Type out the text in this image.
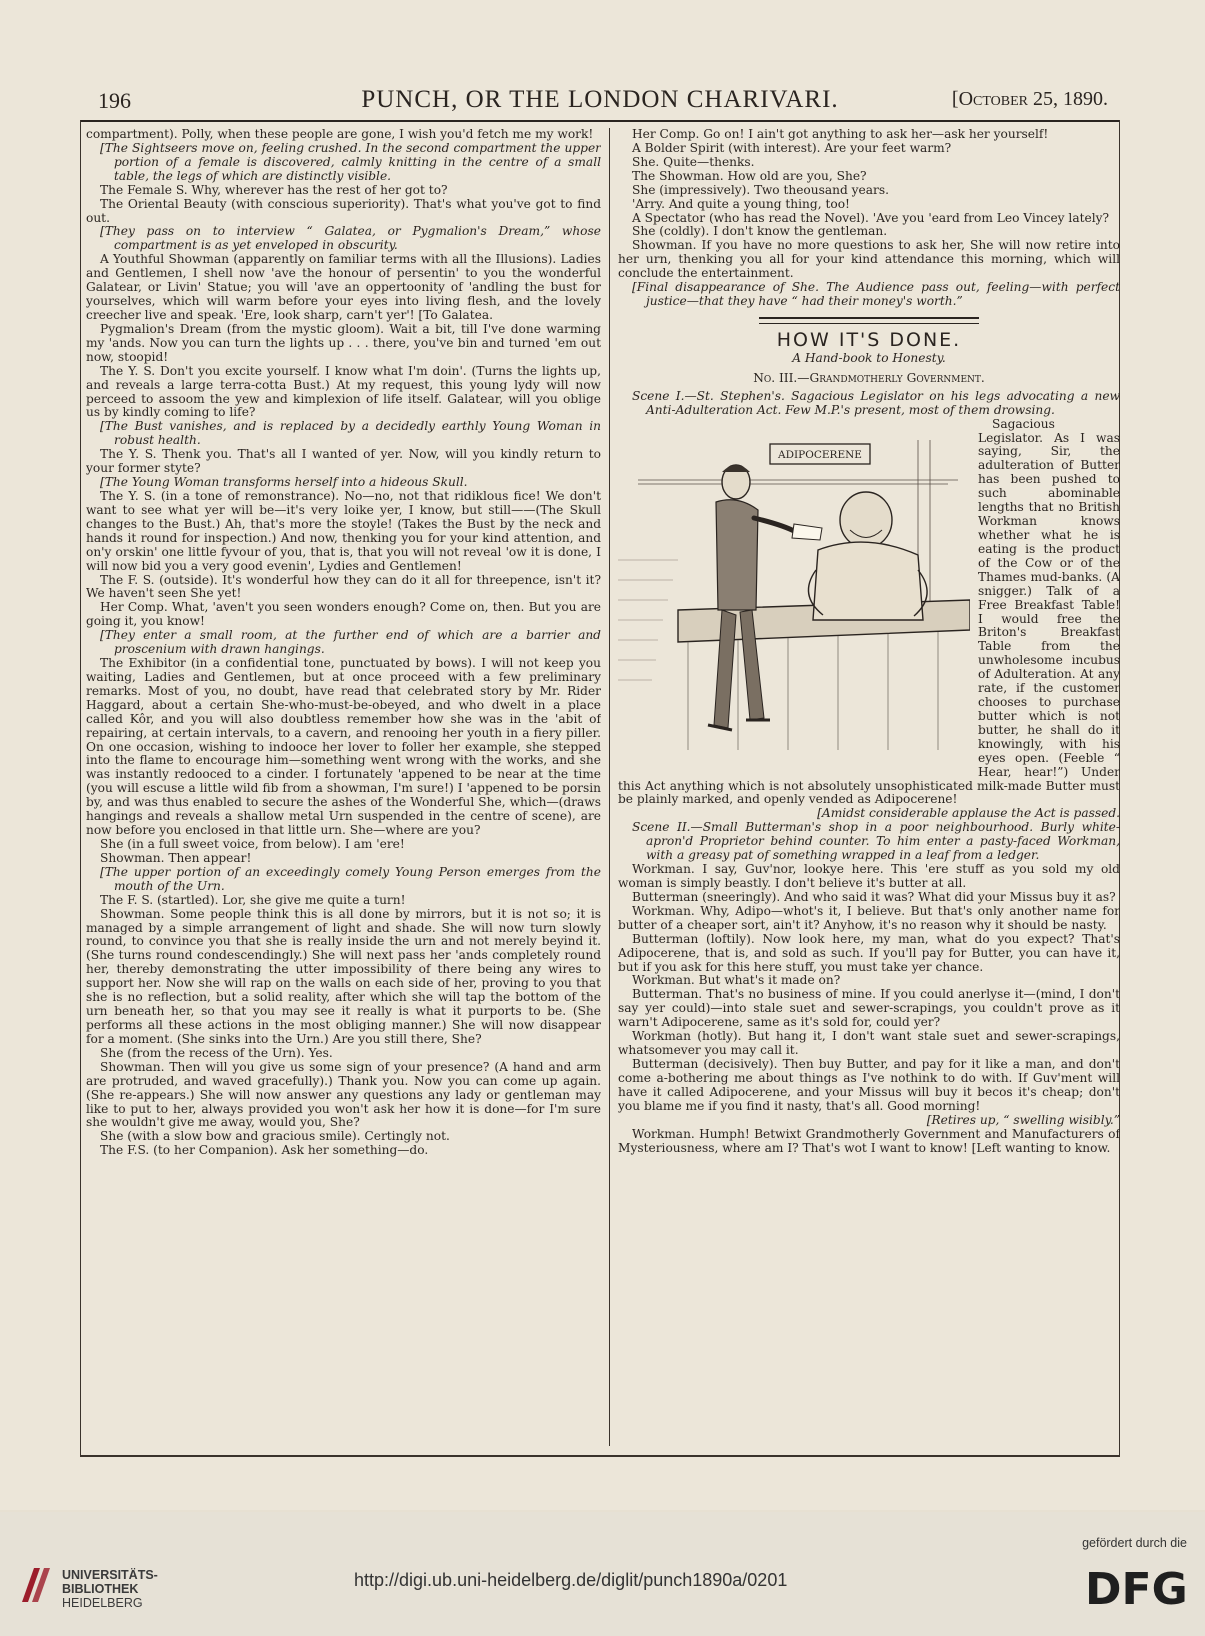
196	PUNCH, OR THE LONDON CHARIVARI.	[October 25, 1890.

compartment). Polly, when these people are gone, I wish you'd fetch me my work!

[The Sightseers move on, feeling crushed. In the second compartment the upper portion of a female is discovered, calmly knitting in the centre of a small table, the legs of which are distinctly visible.

The Female S. Why, wherever has the rest of her got to?

The Oriental Beauty (with conscious superiority). That's what you've got to find out.

[They pass on to interview “ Galatea, or Pygmalion's Dream,” whose compartment is as yet enveloped in obscurity.

A Youthful Showman (apparently on familiar terms with all the Illusions). Ladies and Gentlemen, I shell now 'ave the honour of persentin' to you the wonderful Galatear, or Livin' Statue; you will 'ave an oppertoonity of 'andling the bust for yourselves, which will warm before your eyes into living flesh, and the lovely creecher live and speak. 'Ere, look sharp, carn't yer'! [To Galatea.

Pygmalion's Dream (from the mystic gloom). Wait a bit, till I've done warming my 'ands. Now you can turn the lights up . . . there, you've bin and turned 'em out now, stoopid!

The Y. S. Don't you excite yourself. I know what I'm doin'. (Turns the lights up, and reveals a large terra-cotta Bust.) At my request, this young lydy will now perceed to assoom the yew and kimplexion of life itself. Galatear, will you oblige us by kindly coming to life?

[The Bust vanishes, and is replaced by a decidedly earthly Young Woman in robust health.

The Y. S. Thenk you. That's all I wanted of yer. Now, will you kindly return to your former styte?

[The Young Woman transforms herself into a hideous Skull.

The Y. S. (in a tone of remonstrance). No—no, not that ridiklous fice! We don't want to see what yer will be—it's very loike yer, I know, but still——(The Skull changes to the Bust.) Ah, that's more the stoyle! (Takes the Bust by the neck and hands it round for inspection.) And now, thenking you for your kind attention, and on'y orskin' one little fyvour of you, that is, that you will not reveal 'ow it is done, I will now bid you a very good evenin', Lydies and Gentlemen!

The F. S. (outside). It's wonderful how they can do it all for threepence, isn't it? We haven't seen She yet!

Her Comp. What, 'aven't you seen wonders enough? Come on, then. But you are going it, you know!

[They enter a small room, at the further end of which are a barrier and proscenium with drawn hangings.

The Exhibitor (in a confidential tone, punctuated by bows). I will not keep you waiting, Ladies and Gentlemen, but at once proceed with a few preliminary remarks. Most of you, no doubt, have read that celebrated story by Mr. Rider Haggard, about a certain She-who-must-be-obeyed, and who dwelt in a place called Kôr, and you will also doubtless remember how she was in the 'abit of repairing, at certain intervals, to a cavern, and renooing her youth in a fiery piller. On one occasion, wishing to indooce her lover to foller her example, she stepped into the flame to encourage him—something went wrong with the works, and she was instantly redooced to a cinder. I fortunately 'appened to be near at the time (you will escuse a little wild fib from a showman, I'm sure!) I 'appened to be porsin by, and was thus enabled to secure the ashes of the Wonderful She, which—(draws hangings and reveals a shallow metal Urn suspended in the centre of scene), are now before you enclosed in that little urn. She—where are you?

She (in a full sweet voice, from below). I am 'ere!

Showman. Then appear!

[The upper portion of an exceedingly comely Young Person emerges from the mouth of the Urn.

The F. S. (startled). Lor, she give me quite a turn!

Showman. Some people think this is all done by mirrors, but it is not so; it is managed by a simple arrangement of light and shade. She will now turn slowly round, to convince you that she is really inside the urn and not merely beyind it. (She turns round condescendingly.) She will next pass her 'ands completely round her, thereby demonstrating the utter impossibility of there being any wires to support her. Now she will rap on the walls on each side of her, proving to you that she is no reflection, but a solid reality, after which she will tap the bottom of the urn beneath her, so that you may see it really is what it purports to be. (She performs all these actions in the most obliging manner.) She will now disappear for a moment. (She sinks into the Urn.) Are you still there, She?

She (from the recess of the Urn). Yes.

Showman. Then will you give us some sign of your presence? (A hand and arm are protruded, and waved gracefully).) Thank you. Now you can come up again. (She re-appears.) She will now answer any questions any lady or gentleman may like to put to her, always provided you won't ask her how it is done—for I'm sure she wouldn't give me away, would you, She?

She (with a slow bow and gracious smile). Certingly not.

The F.S. (to her Companion). Ask her something—do.

Her Comp. Go on! I ain't got anything to ask her—ask her yourself!

A Bolder Spirit (with interest). Are your feet warm?

She. Quite—thenks.

The Showman. How old are you, She?

She (impressively). Two theousand years.

'Arry. And quite a young thing, too!

A Spectator (who has read the Novel). 'Ave you 'eard from Leo Vincey lately?

She (coldly). I don't know the gentleman.

Showman. If you have no more questions to ask her, She will now retire into her urn, thenking you all for your kind attendance this morning, which will conclude the entertainment.

[Final disappearance of She. The Audience pass out, feeling—with perfect justice—that they have “ had their money's worth.”

HOW IT'S DONE.
A Hand-book to Honesty.
No. III.—Grandmotherly Government.

Scene I.—St. Stephen's. Sagacious Legislator on his legs advocating a new Anti-Adulteration Act. Few M.P.'s present, most of them drowsing.

ADIPOCERENE

Sagacious Legislator. As I was saying, Sir, the adulteration of Butter has been pushed to such abominable lengths that no British Workman knows whether what he is eating is the product of the Cow or of the Thames mud-banks. (A snigger.) Talk of a Free Breakfast Table! I would free the Briton's Breakfast Table from the unwholesome incubus of Adulteration. At any rate, if the customer chooses to purchase butter which is not butter, he shall do it knowingly, with his eyes open. (Feeble “ Hear, hear!”) Under this Act anything which is not absolutely unsophisticated milk-made Butter must be plainly marked, and openly vended as Adipocerene!

[Amidst considerable applause the Act is passed.

Scene II.—Small Butterman's shop in a poor neighbourhood. Burly white-apron'd Proprietor behind counter. To him enter a pasty-faced Workman, with a greasy pat of something wrapped in a leaf from a ledger.

Workman. I say, Guv'nor, lookye here. This 'ere stuff as you sold my old woman is simply beastly. I don't believe it's butter at all.

Butterman (sneeringly). And who said it was? What did your Missus buy it as?

Workman. Why, Adipo—whot's it, I believe. But that's only another name for butter of a cheaper sort, ain't it? Anyhow, it's no reason why it should be nasty.

Butterman (loftily). Now look here, my man, what do you expect? That's Adipocerene, that is, and sold as such. If you'll pay for Butter, you can have it, but if you ask for this here stuff, you must take yer chance.

Workman. But what's it made on?

Butterman. That's no business of mine. If you could anerlyse it—(mind, I don't say yer could)—into stale suet and sewer-scrapings, you couldn't prove as it warn't Adipocerene, same as it's sold for, could yer?

Workman (hotly). But hang it, I don't want stale suet and sewer-scrapings, whatsomever you may call it.

Butterman (decisively). Then buy Butter, and pay for it like a man, and don't come a-bothering me about things as I've nothink to do with. If Guv'ment will have it called Adipocerene, and your Missus will buy it becos it's cheap; don't you blame me if you find it nasty, that's all. Good morning!

[Retires up, “ swelling wisibly.”

Workman. Humph! Betwixt Grandmotherly Government and Manufacturers of Mysteriousness, where am I? That's wot I want to know! [Left wanting to know.

UNIVERSITÄTS-
BIBLIOTHEK
HEIDELBERG
http://digi.ub.uni-heidelberg.de/diglit/punch1890a/0201
gefördert durch die
DFG
